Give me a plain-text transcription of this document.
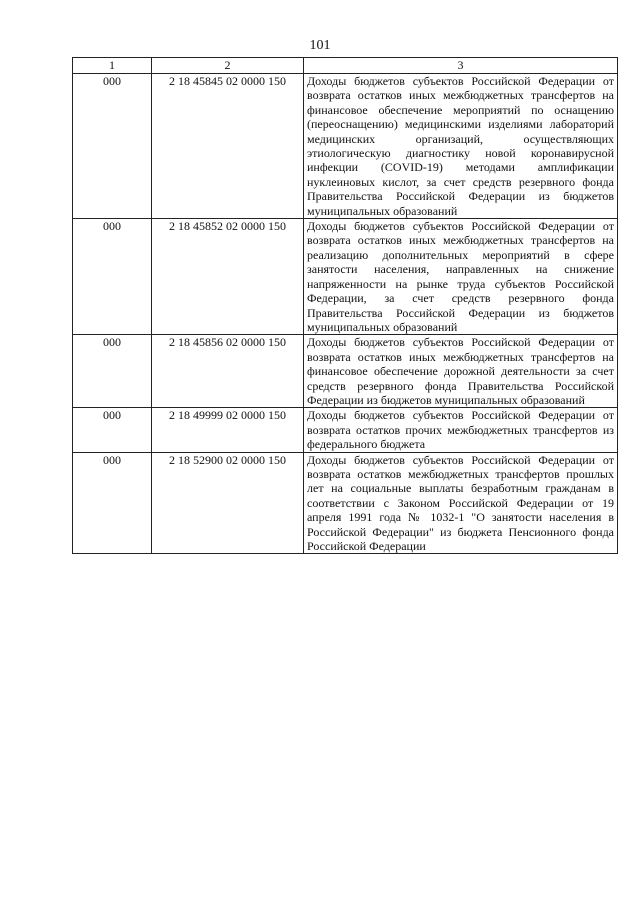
101
1	2	3
000	2 18 45845 02 0000 150	Доходы бюджетов субъектов Российской Федерации от возврата остатков иных межбюджетных трансфертов на финансовое обеспечение мероприятий по оснащению (переоснащению) медицинскими изделиями лабораторий медицинских организаций, осуществляющих этиологическую диагностику новой коронавирусной инфекции (COVID-19) методами амплификации нуклеиновых кислот, за счет средств резервного фонда Правительства Российской Федерации из бюджетов муниципальных образований
000	2 18 45852 02 0000 150	Доходы бюджетов субъектов Российской Федерации от возврата остатков иных межбюджетных трансфертов на реализацию дополнительных мероприятий в сфере занятости населения, направленных на снижение напряженности на рынке труда субъектов Российской Федерации, за счет средств резервного фонда Правительства Российской Федерации из бюджетов муниципальных образований
000	2 18 45856 02 0000 150	Доходы бюджетов субъектов Российской Федерации от возврата остатков иных межбюджетных трансфертов на финансовое обеспечение дорожной деятельности за счет средств резервного фонда Правительства Российской Федерации из бюджетов муниципальных образований
000	2 18 49999 02 0000 150	Доходы бюджетов субъектов Российской Федерации от возврата остатков прочих межбюджетных трансфертов из федерального бюджета
000	2 18 52900 02 0000 150	Доходы бюджетов субъектов Российской Федерации от возврата остатков межбюджетных трансфертов прошлых лет на социальные выплаты безработным гражданам в соответствии с Законом Российской Федерации от 19 апреля 1991 года № 1032-1 "О занятости населения в Российской Федерации" из бюджета Пенсионного фонда Российской Федерации
